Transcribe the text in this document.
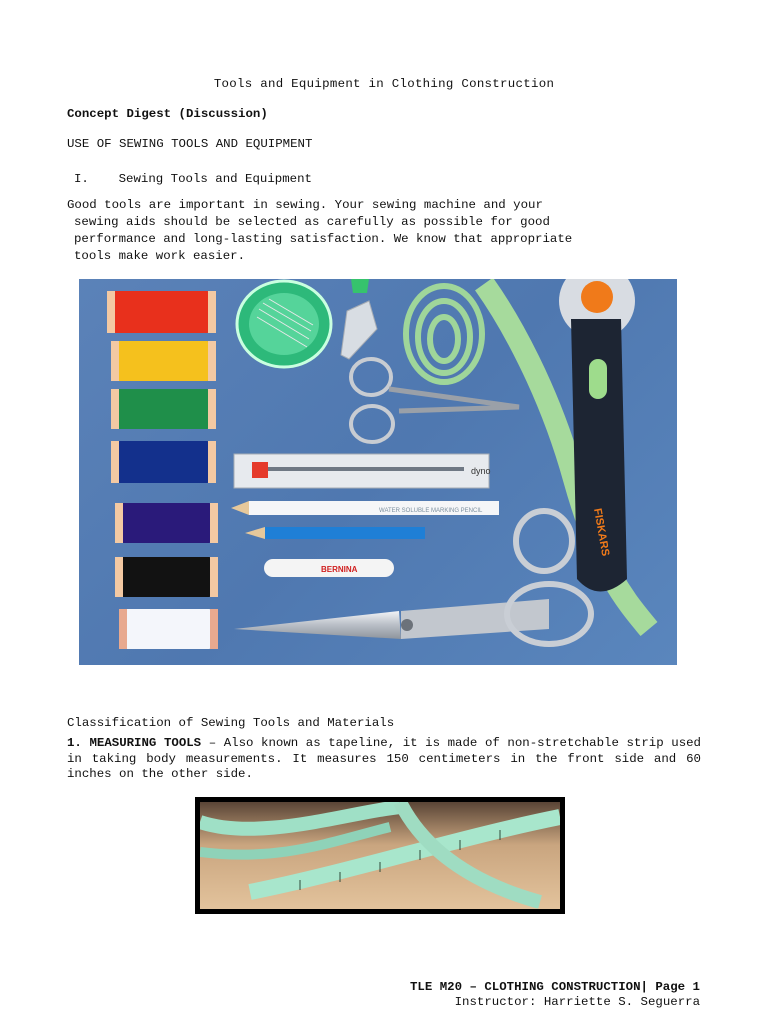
Tools and Equipment in Clothing Construction
Concept Digest (Discussion)
USE OF SEWING TOOLS AND EQUIPMENT
I. Sewing Tools and Equipment
Good tools are important in sewing. Your sewing machine and your
sewing aids should be selected as carefully as possible for good
performance and long-lasting satisfaction. We know that appropriate
tools make work easier.
dyno
WATER SOLUBLE MARKING PENCIL
BERNINA
FISKARS
Classification of Sewing Tools and Materials
1. MEASURING TOOLS – Also known as tapeline, it is made of non-stretchable strip used in taking body measurements. It measures 150 centimeters in the front side and 60 inches on the other side.
TLE M20 – CLOTHING CONSTRUCTION| Page 1
Instructor: Harriette S. Seguerra
